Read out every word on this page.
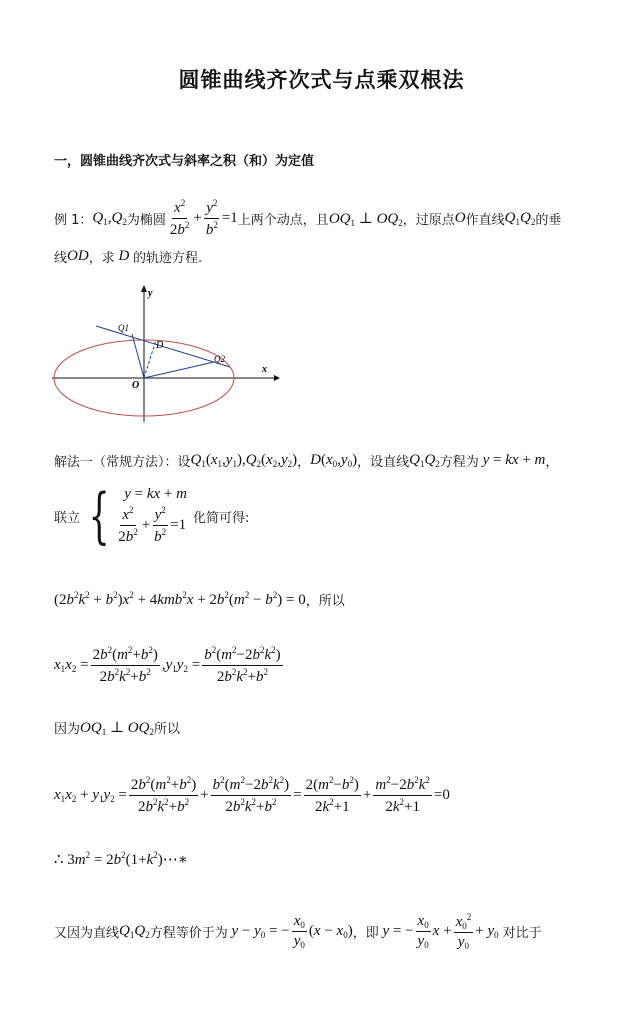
圆锥曲线齐次式与点乘双根法
一，圆锥曲线齐次式与斜率之积（和）为定值
例 1： $Q_1,Q_2$ 为椭圆 $\frac{x^2}{2b^2} + \frac{y^2}{b^2} =1$ 上两个动点，且 $OQ_1$ ⊥ $OQ_2$ ，过原点 O 作直线 $Q_1Q_2$ 的垂
线 OD ，求 D 的轨迹方程.
Q1
D
Q2
O
x
y
解法一（常规方法）：设 $Q_1(x_1,y_1),Q_2(x_2,y_2)$ ， $D(x_0,y_0)$ ，设直线 $Q_1Q_2$ 方程为 y = kx + m ，
联立 { y = kx + m
$\frac{x^2}{2b^2} + \frac{y^2}{b^2} =1$ 化简可得:
$(2b^2k^2 + b^2)x^2 + 4kmb^2x + 2b^2(m^2 - b^2) = 0$ ，所以
$x_1x_2 = \frac{2b^2(m^2+b^2)}{2b^2k^2+b^2} ,y_1y_2 = \frac{b^2(m^2-2b^2k^2)}{2b^2k^2+b^2}$
因为 $OQ_1$ ⊥ $OQ_2$ 所以
$x_1x_2 + y_1y_2 = \frac{2b^2(m^2+b^2)}{2b^2k^2+b^2} + \frac{b^2(m^2-2b^2k^2)}{2b^2k^2+b^2} = \frac{2(m^2-b^2)}{2k^2+1} + \frac{m^2-2b^2k^2}{2k^2+1} =0$
∴ $3m^2$ = $2b^2(1+k^2)\cdots∗$
又因为直线 $Q_1Q_2$ 方程等价于为 $y - y_0$ = − $\frac{x_0}{y_0} (x - x_0)$ ，即 y = − $\frac{x_0}{y_0}$ $x + \frac{x_0^2}{y_0} + y_0$ 对比于
